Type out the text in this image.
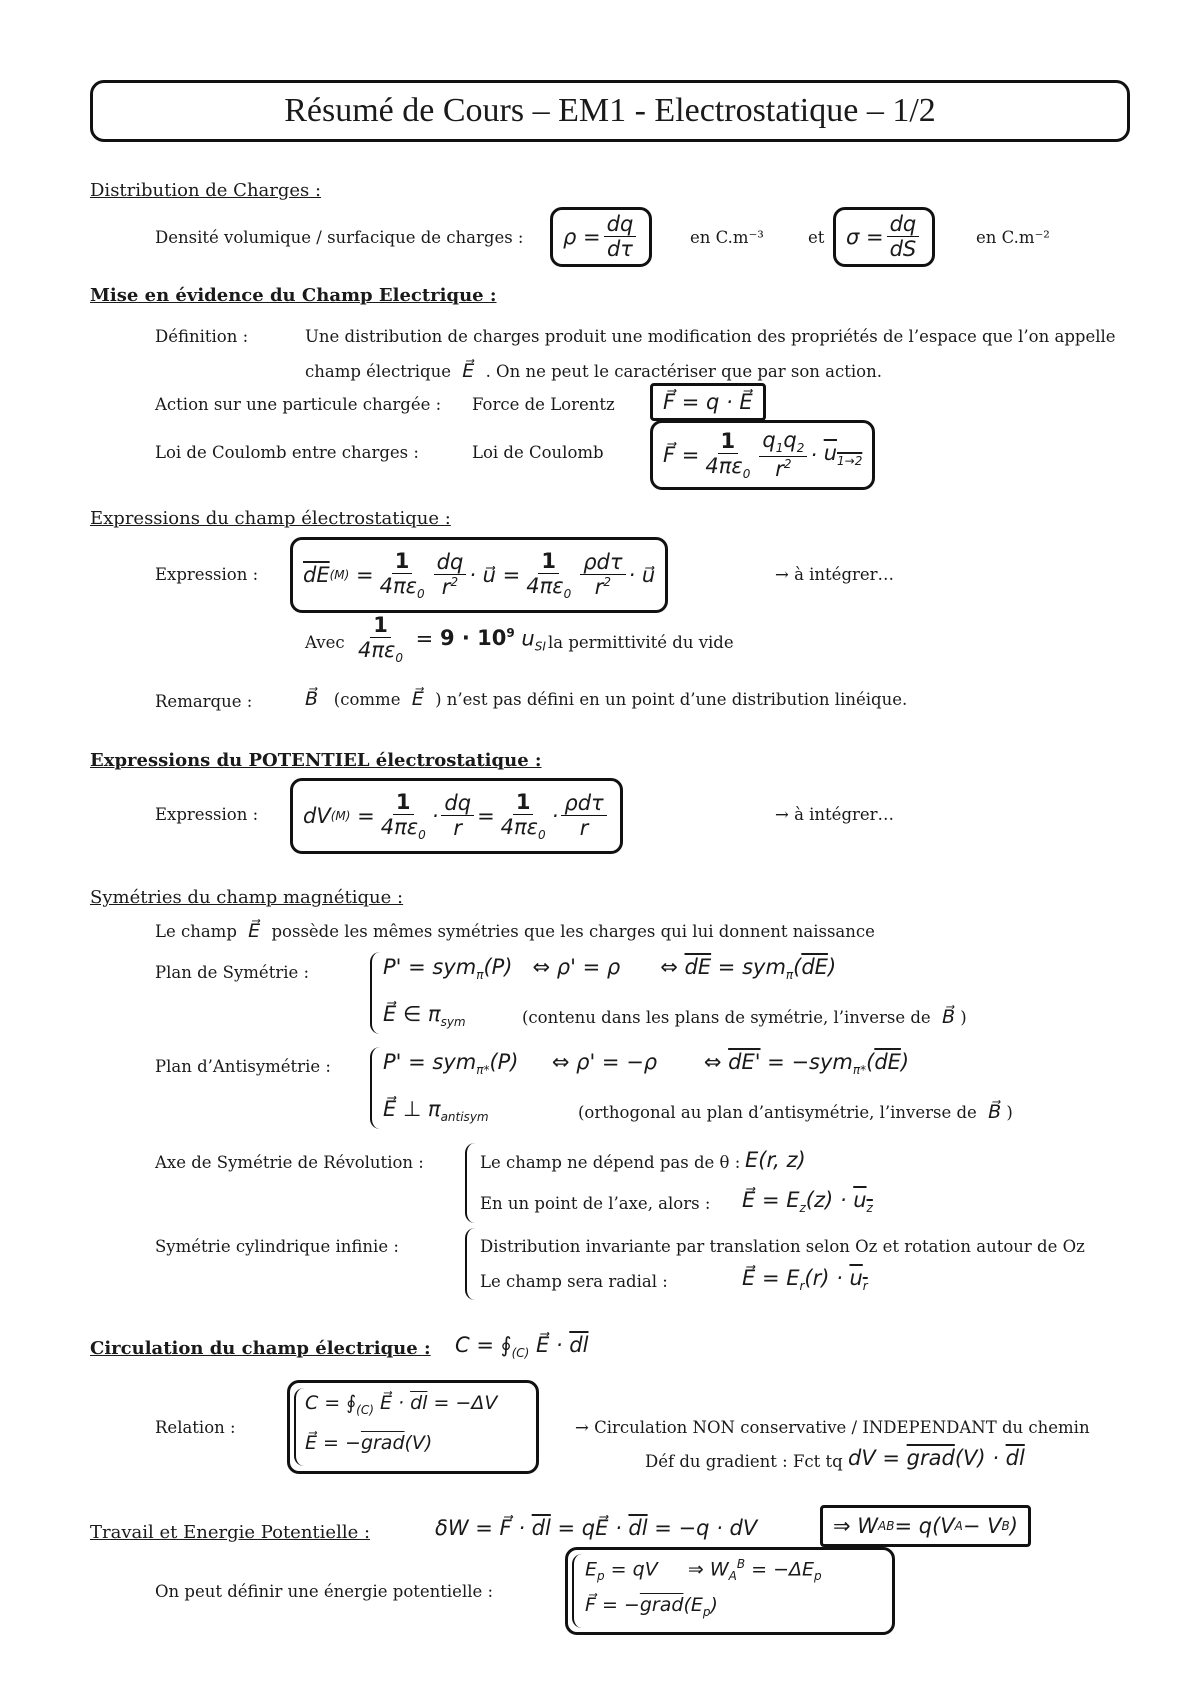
Résumé de Cours – EM1 - Electrostatique – 1/2
Distribution de Charges :
Densité volumique / surfacique de charges :	$\rho = \frac{dq}{d\tau}$	en C.m⁻³	et	$\sigma = \frac{dq}{dS}$	en C.m⁻²
Mise en évidence du Champ Electrique :
Définition :	Une distribution de charges produit une modification des propriétés de l’espace que l’on appelle
champ électrique  E⃗  . On ne peut le caractériser que par son action.
Action sur une particule chargée : Force de Lorentz	F⃗ = q · E⃗
Loi de Coulomb entre charges :	Loi de Coulomb	F⃗ = $\frac{1}{4\pi\varepsilon_0} \frac{q_1q_2}{r^2} \cdot u_{1\to 2}$
Expressions du champ électrostatique :
Expression : $\overline{dE}$ $(M) = \frac{1}{4\pi\varepsilon_0} \frac{dq}{r^2}$ · u⃗ = $\frac{1}{4\pi\varepsilon_0} \frac{\text{ρdτ}}{r^2}$ · u⃗	→ à intégrer…
Avec $\frac{1}{4\pi\varepsilon_0} = 9 \cdot 10^9$ $u_{SI}$ la permittivité du vide
Remarque :	B⃗ (comme  E⃗  ) n’est pas défini en un point d’une distribution linéique.
Expressions du POTENTIEL électrostatique :
Expression :	dV $(M) = \frac{1}{4\pi\varepsilon_0} \cdot \frac{dq}{r} = \frac{1}{4\pi\varepsilon_0} \cdot \frac{\text{ρdτ}}{r}$	→ à intégrer…
Symétries du champ magnétique :
Le champ  E⃗  possède les mêmes symétries que les charges qui lui donnent naissance
Plan de Symétrie :	P' = sym$_\pi$(P)   ⇔ ρ' = ρ      ⇔ $\overline{dE} = sym_\pi(\overline{dE})$
E⃗ ∈ $\pi_{sym}$	(contenu dans les plans de symétrie, l’inverse de  B⃗ )
Plan d’Antisymétrie : P' = sym$_{\pi*}$(P)     ⇔ ρ' = −ρ       ⇔ $dE' = -sym_{\pi*}(\overline{dE})$
E⃗ ⊥ $\pi_{antisym}$	(orthogonal au plan d’antisymétrie, l’inverse de  B⃗ )
Axe de Symétrie de Révolution :	Le champ ne dépend pas de θ : E(r, z)
En un point de l’axe, alors : E⃗ = $E_z(z) \cdot u_z$
Symétrie cylindrique infinie :	Distribution invariante par translation selon Oz et rotation autour de Oz
Le champ sera radial :	E⃗ = $E_r(r) \cdot u_r$
Circulation du champ électrique : $C = ∮_{(C)}$ E⃗ · $\overline{dl}$
Relation :
$C = ∮_{(C)}$ E⃗ · $\overline{dl} = -\Delta V$
E⃗ = −grad(V)
→ Circulation NON conservative / INDEPENDANT du chemin
Déf du gradient : Fct tq dV = grad(V) · $\overline{dl}$
Travail et Energie Potentielle :	δW = F⃗ · $\overline{dl}$ = qE⃗ · $\overline{dl} = -q$ · dV	⇒ W A B = q(V A − V B )
On peut définir une énergie potentielle :
$E_p$ = qV     ⇒ $W_A^B = -\Delta E_p$
F⃗ = $-grad(E_p)$
